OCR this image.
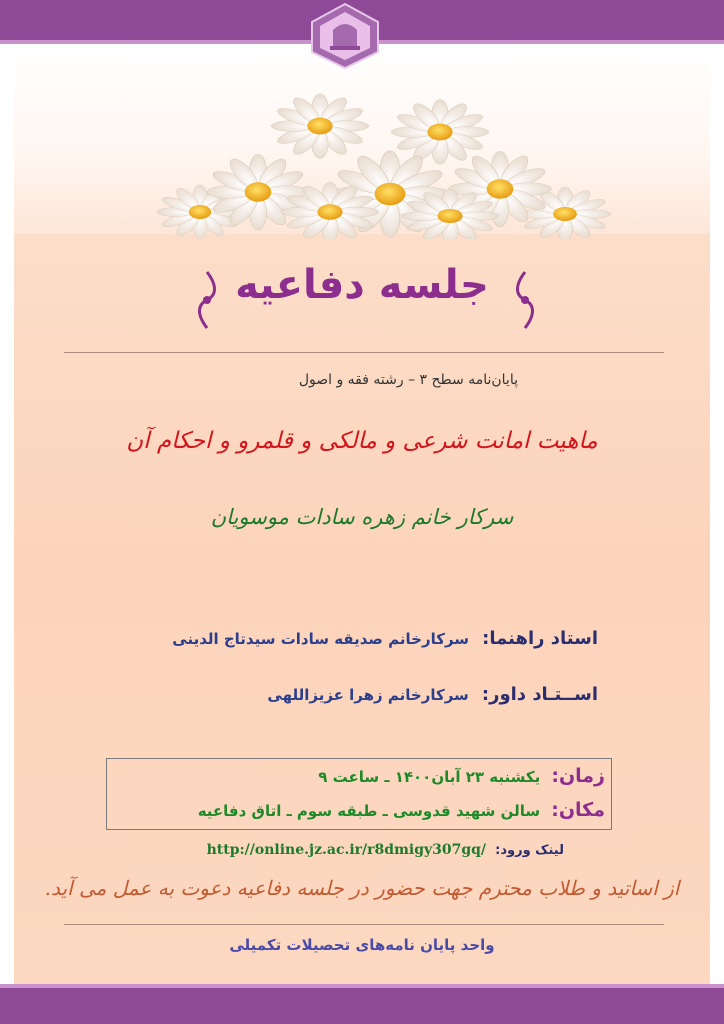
جلسه دفاعیه
پایان‌نامه سطح ۳ – رشته فقه و اصول
ماهیت امانت شرعی و مالکی و قلمرو و احکام آن
سرکار خانم زهره سادات موسویان
استاد راهنما: سرکارخانم صدیقه سادات سیدتاج الدینی
اســتـاد داور: سرکارخانم زهرا عزیزاللهی
زمان: یکشنبه ۲۳ آبان۱۴۰۰ ـ ساعت ۹
مکان: سالن شهید قدوسی ـ طبقه سوم ـ اتاق دفاعیه
لینک ورود: http://online.jz.ac.ir/r8dmigy307gq/
از اساتید و طلاب محترم جهت حضور در جلسه دفاعیه دعوت به عمل می آید.
واحد پایان نامه‌های تحصیلات تکمیلی
